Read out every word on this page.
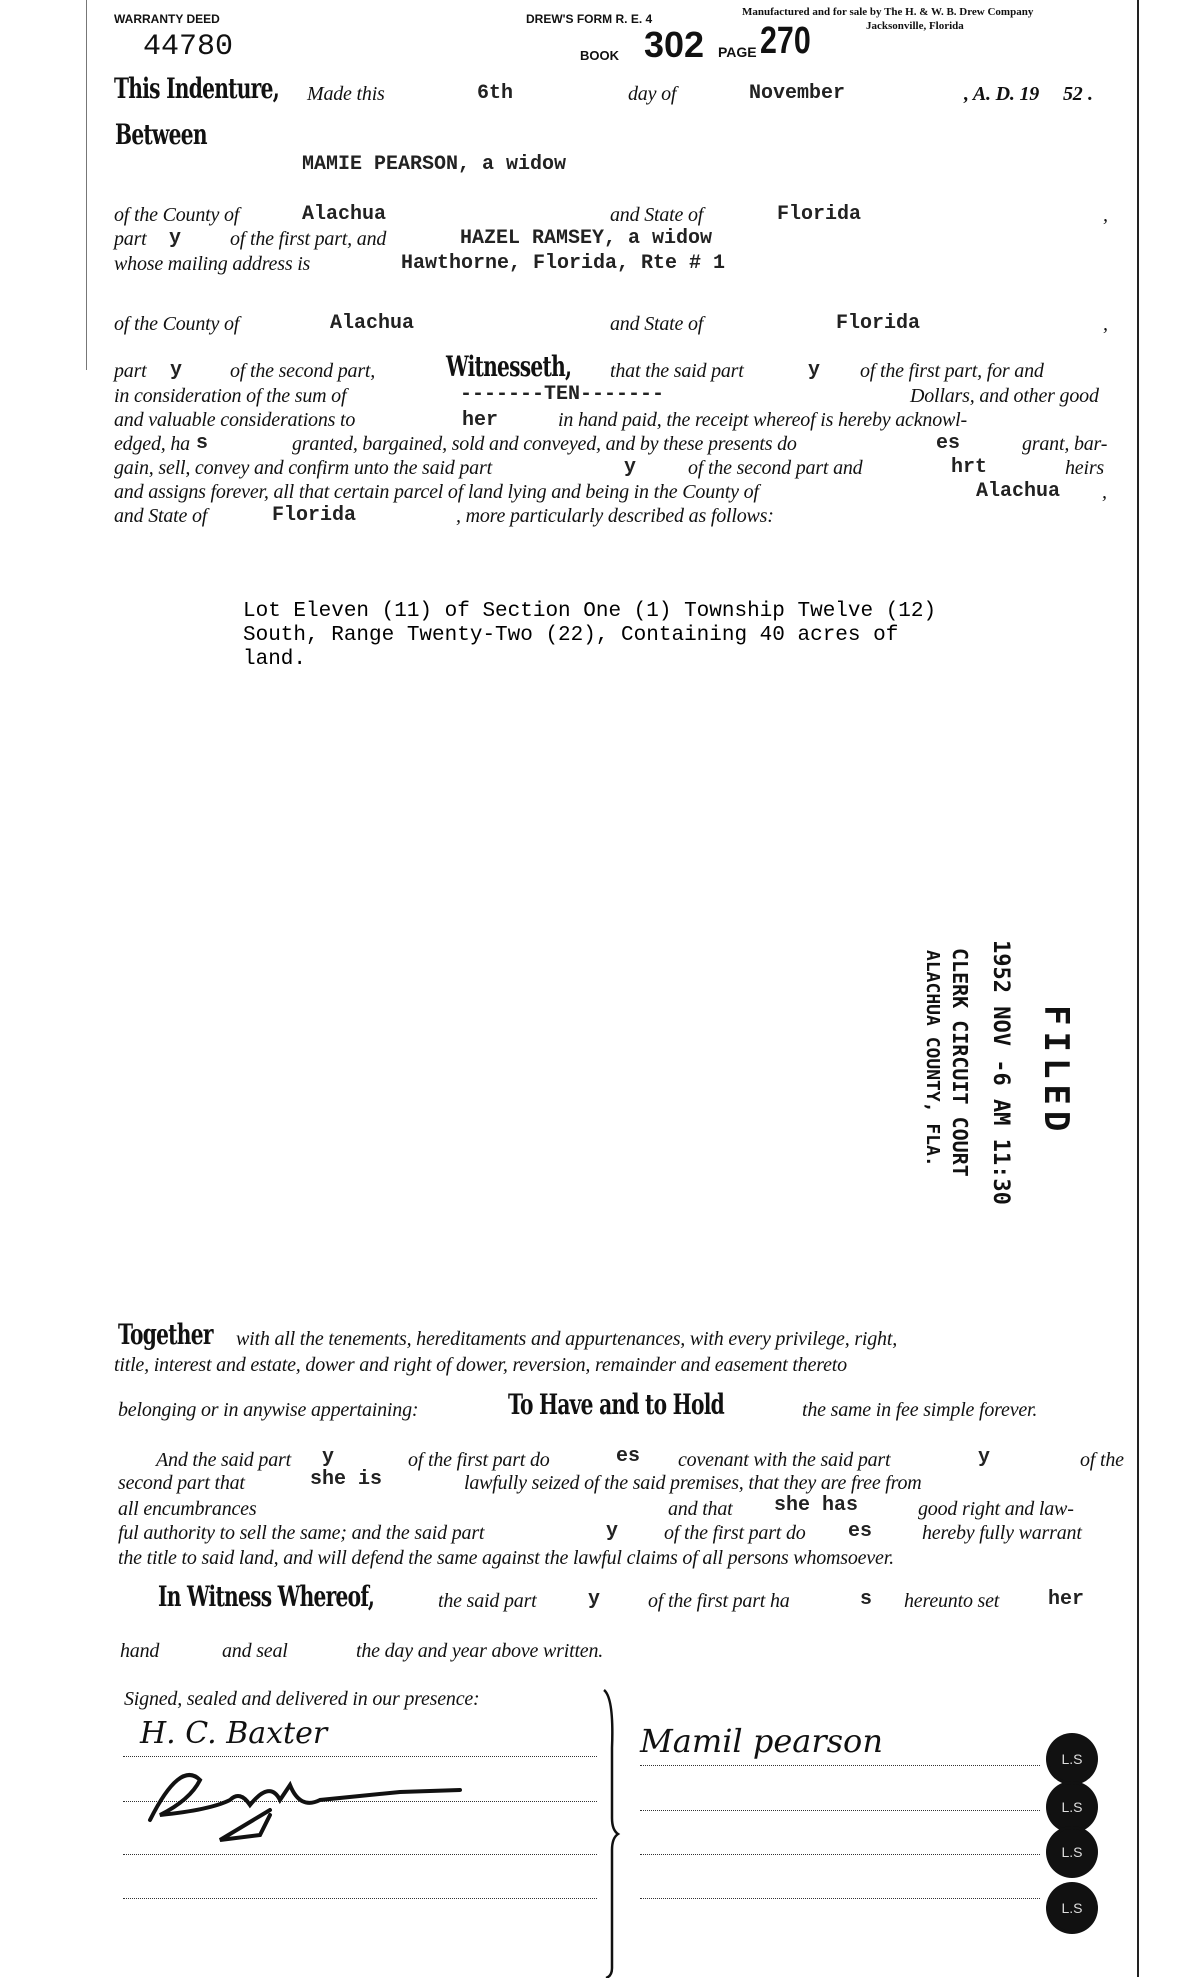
WARRANTY DEED
44780
DREW'S FORM R. E. 4	Manufactured and for sale by The H. & W. B. Drew Company
Jacksonville, Florida
BOOK 302 PAGE 270
This Indenture, Made this	6th	day of	November	, A. D. 19 52 .
Between
MAMIE PEARSON, a widow
of the County of	Alachua	and State of	Florida	,
part y of the first part, and	HAZEL RAMSEY, a widow
whose mailing address is	Hawthorne, Florida, Rte # 1
of the County of	Alachua	and State of	Florida	,
part y of the second part,	Witnesseth, that the said part	y of the first part, for and
in consideration of the sum of	-------TEN-------	Dollars, and other good
and valuable considerations to	her	in hand paid, the receipt whereof is hereby acknowl-
edged, ha s	granted, bargained, sold and conveyed, and by these presents do	es	grant, bar-
gain, sell, convey and confirm unto the said part	y	of the second part and	hrt	heirs
and assigns forever, all that certain parcel of land lying and being in the County of	Alachua ,
and State of	Florida	, more particularly described as follows:
Lot Eleven (11) of Section One (1) Township Twelve (12)
South, Range Twenty-Two (22), Containing 40 acres of
land.
FILED
1952 NOV -6 AM 11:30
CLERK CIRCUIT COURT
ALACHUA COUNTY, FLA.
Together with all the tenements, hereditaments and appurtenances, with every privilege, right,
title, interest and estate, dower and right of dower, reversion, remainder and easement thereto
belonging or in anywise appertaining:	To Have and to Hold	the same in fee simple forever.
And the said part y	of the first part do	es covenant with the said part	y	of the
second part that	she is	lawfully seized of the said premises, that they are free from
all encumbrances	and that she has	good right and law-
ful authority to sell the same; and the said part	y of the first part do es hereby fully warrant
the title to said land, and will defend the same against the lawful claims of all persons whomsoever.
In Witness Whereof,	the said part	y of the first part ha	s hereunto set her
hand	and seal	the day and year above written.
Signed, sealed and delivered in our presence:
H. C. Baxter	Mamil pearson	L.S
L.S
L.S
L.S
